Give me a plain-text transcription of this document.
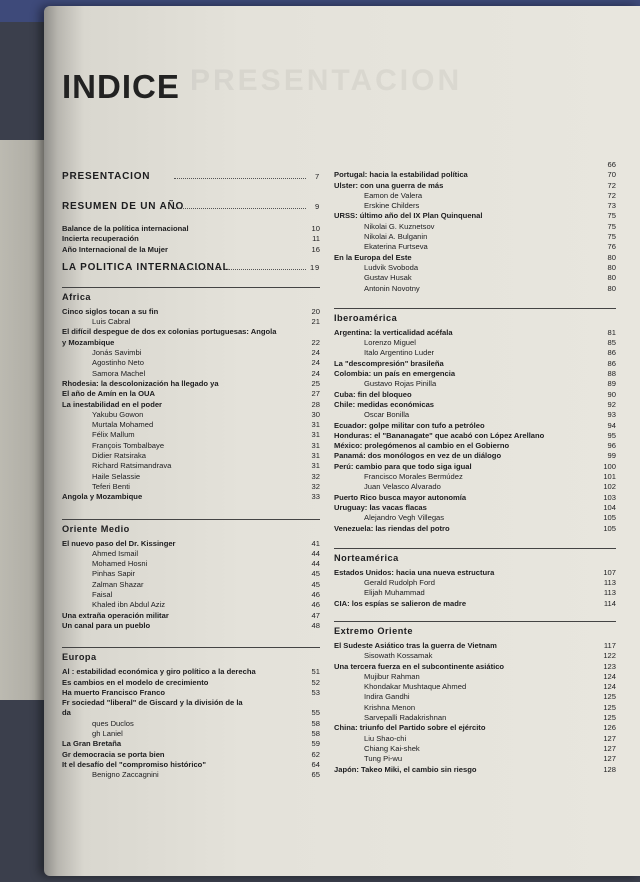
PRESENTACION
INDICE
PRESENTACION	7
RESUMEN DE UN AÑO	9
Balance de la política internacional	10
Incierta recuperación	11
Año Internacional de la Mujer	16
LA POLITICA INTERNACIONAL	19
Africa
Cinco siglos tocan a su fin	20
Luis Cabral	21
El difícil despegue de dos ex colonias portuguesas: Angola
y Mozambique	22
Jonás Savimbi	24
Agostinho Neto	24
Samora Machel	24
Rhodesia: la descolonización ha llegado ya	25
El año de Amín en la OUA	27
La inestabilidad en el poder	28
Yakubu Gowon	30
Murtala Mohamed	31
Félix Mallum	31
François Tombalbaye	31
Didier Ratsiraka	31
Richard Ratsimandrava	31
Haile Selassie	32
Teferi Benti	32
Angola y Mozambique	33
Oriente Medio
El nuevo paso del Dr. Kissinger	41
Ahmed Ismail	44
Mohamed Hosni	44
Pinhas Sapir	45
Zalman Shazar	45
Faisal	46
Khaled ibn Abdul Aziz	46
Una extraña operación militar	47
Un canal para un pueblo	48
Europa
Al : estabilidad económica y giro político a la derecha	51
Es cambios en el modelo de crecimiento	52
Ha muerto Francisco Franco	53
Fr sociedad "liberal" de Giscard y la división de la
da	55
ques Duclos	58
gh Laniel	58
La Gran Bretaña	59
Gr democracia se porta bien	62
It el desafío del "compromiso histórico"	64
Benigno Zaccagnini	65
66
Portugal: hacia la estabilidad política	70
Ulster: con una guerra de más	72
Eamon de Valera	72
Erskine Childers	73
URSS: último año del IX Plan Quinquenal	75
Nikolai G. Kuznetsov	75
Nikolai A. Bulganin	75
Ekaterina Furtseva	76
En la Europa del Este	80
Ludvik Svoboda	80
Gustav Husak	80
Antonin Novotny	80
Iberoamérica
Argentina: la verticalidad acéfala	81
Lorenzo Miguel	85
Italo Argentino Luder	86
La "descompresión" brasileña	86
Colombia: un país en emergencia	88
Gustavo Rojas Pinilla	89
Cuba: fin del bloqueo	90
Chile: medidas económicas	92
Oscar Bonilla	93
Ecuador: golpe militar con tufo a petróleo	94
Honduras: el "Bananagate" que acabó con López Arellano	95
México: prolegómenos al cambio en el Gobierno	96
Panamá: dos monólogos en vez de un diálogo	99
Perú: cambio para que todo siga igual	100
Francisco Morales Bermúdez	101
Juan Velasco Alvarado	102
Puerto Rico busca mayor autonomía	103
Uruguay: las vacas flacas	104
Alejandro Vegh Villegas	105
Venezuela: las riendas del potro	105
Norteamérica
Estados Unidos: hacia una nueva estructura	107
Gerald Rudolph Ford	113
Elijah Muhammad	113
CIA: los espías se salieron de madre	114
Extremo Oriente
El Sudeste Asiático tras la guerra de Vietnam	117
Sisowath Kossamak	122
Una tercera fuerza en el subcontinente asiático	123
Mujibur Rahman	124
Khondakar Mushtaque Ahmed	124
Indira Gandhi	125
Krishna Menon	125
Sarvepalli Radakrishnan	125
China: triunfo del Partido sobre el ejército	126
Liu Shao-chi	127
Chiang Kai-shek	127
Tung Pi-wu	127
Japón: Takeo Miki, el cambio sin riesgo	128
